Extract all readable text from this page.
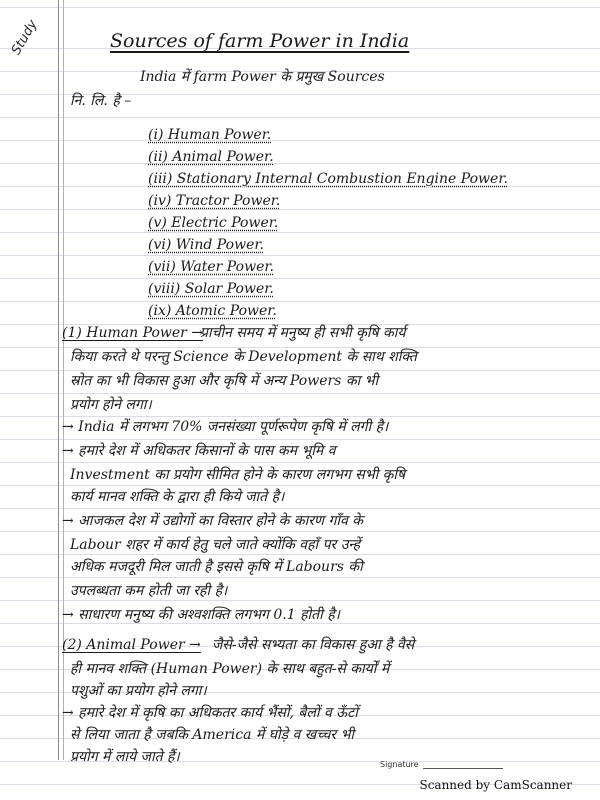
Study	Sources of farm Power in India
India में farm Power के प्रमुख Sources
नि. लि. है –
(i) Human Power.
(ii) Animal Power.
(iii) Stationary Internal Combustion Engine Power.
(iv) Tractor Power.
(v) Electric Power.
(vi) Wind Power.
(vii) Water Power.
(viii) Solar Power.
(ix) Atomic Power.
(1) Human Power →
प्राचीन समय में मनुष्य ही सभी कृषि कार्य
किया करते थे परन्तु Science के Development के साथ शक्ति
स्रोत का भी विकास हुआ और कृषि में अन्य Powers का भी
प्रयोग होने लगा।
→ India में लगभग 70% जनसंख्या पूर्णरूपेण कृषि में लगी है।
→ हमारे देश में अधिकतर किसानों के पास कम भूमि व
Investment का प्रयोग सीमित होने के कारण लगभग सभी कृषि
कार्य मानव शक्ति के द्वारा ही किये जाते है।
→ आजकल देश में उद्योगों का विस्तार होने के कारण गाँव के
Labour शहर में कार्य हेतु चले जाते क्योंकि वहाँ पर उन्हें
अधिक मजदूरी मिल जाती है इससे कृषि में Labours की
उपलब्धता कम होती जा रही है।
→ साधारण मनुष्य की अश्वशक्ति लगभग 0.1 होती है।
(2) Animal Power → जैसे-जैसे सभ्यता का विकास हुआ है वैसे
ही मानव शक्ति (Human Power) के साथ बहुत-से कार्यों में
पशुओं का प्रयोग होने लगा।
→ हमारे देश में कृषि का अधिकतर कार्य भैंसों, बैलों व ऊँटों
से लिया जाता है जबकि America में घोड़े व खच्चर भी
प्रयोग में लाये जाते हैं।	Signature
Scanned by CamScanner
